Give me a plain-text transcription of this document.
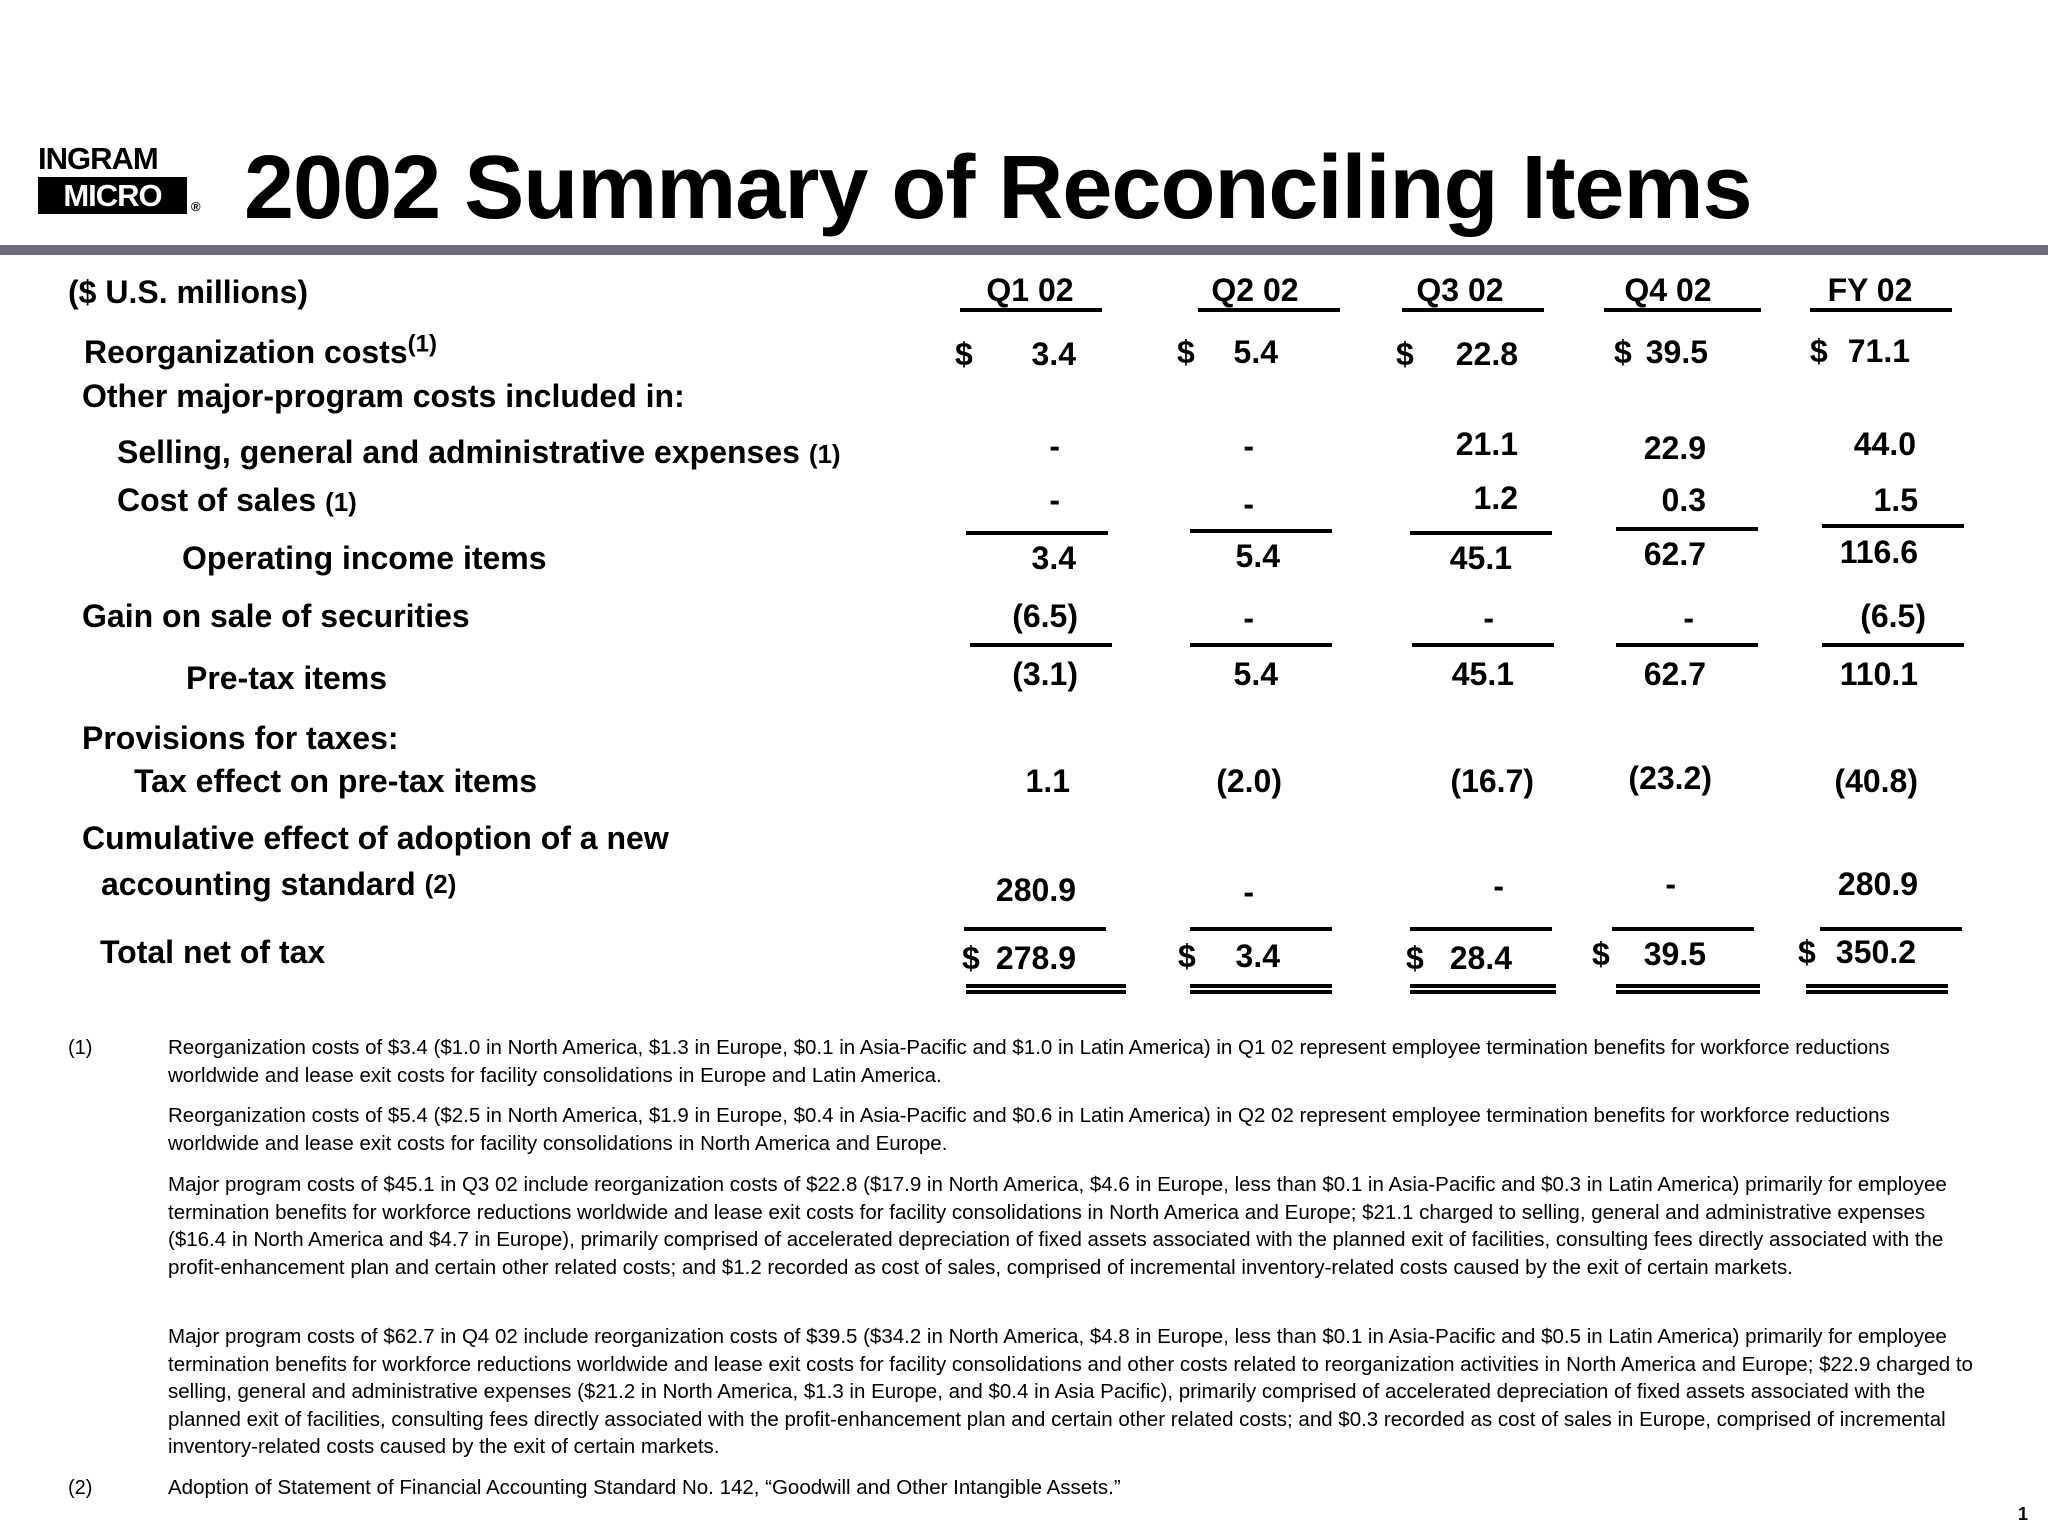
INGRAM
MICRO	® 2002 Summary of Reconciling Items
($ U.S. millions)	Q1 02	Q2 02	Q3 02	Q4 02	FY 02
Reorganization costs$^{(1)}$	$	3.4	$	5.4	$	22.8	$ 39.5	$ 71.1
Other major-program costs included in:
Selling, general and administrative expenses (1)	-	-	21.1	22.9	44.0
Cost of sales (1)	-	-	1.2	0.3	1.5
Operating income items	3.4	5.4	45.1	62.7	116.6
Gain on sale of securities	(6.5)	-	-	-	(6.5)
Pre-tax items	(3.1)	5.4	45.1	62.7	110.1
Provisions for taxes:
Tax effect on pre-tax items	1.1	(2.0)	(16.7)	(23.2)	(40.8)
Cumulative effect of adoption of a new
accounting standard $^{(2)}$	280.9	-	-	-	280.9
Total net of tax	$ 278.9	$	3.4	$ 28.4	$	39.5	$ 350.2
(1)	Reorganization costs of $3.4 ($1.0 in North America, $1.3 in Europe, $0.1 in Asia-Pacific and $1.0 in Latin America) in Q1 02 represent employee termination benefits for workforce reductions worldwide and lease exit costs for facility consolidations in Europe and Latin America.
Reorganization costs of $5.4 ($2.5 in North America, $1.9 in Europe, $0.4 in Asia-Pacific and $0.6 in Latin America) in Q2 02 represent employee termination benefits for workforce reductions worldwide and lease exit costs for facility consolidations in North America and Europe.
Major program costs of $45.1 in Q3 02 include reorganization costs of $22.8 ($17.9 in North America, $4.6 in Europe, less than $0.1 in Asia-Pacific and $0.3 in Latin America) primarily for employee termination benefits for workforce reductions worldwide and lease exit costs for facility consolidations in North America and Europe; $21.1 charged to selling, general and administrative expenses ($16.4 in North America and $4.7 in Europe), primarily comprised of accelerated depreciation of fixed assets associated with the planned exit of facilities, consulting fees directly associated with the profit-enhancement plan and certain other related costs; and $1.2 recorded as cost of sales, comprised of incremental inventory-related costs caused by the exit of certain markets.
Major program costs of $62.7 in Q4 02 include reorganization costs of $39.5 ($34.2 in North America, $4.8 in Europe, less than $0.1 in Asia-Pacific and $0.5 in Latin America) primarily for employee termination benefits for workforce reductions worldwide and lease exit costs for facility consolidations and other costs related to reorganization activities in North America and Europe; $22.9 charged to selling, general and administrative expenses ($21.2 in North America, $1.3 in Europe, and $0.4 in Asia Pacific), primarily comprised of accelerated depreciation of fixed assets associated with the planned exit of facilities, consulting fees directly associated with the profit-enhancement plan and certain other related costs; and $0.3 recorded as cost of sales in Europe, comprised of incremental inventory-related costs caused by the exit of certain markets.
(2)	Adoption of Statement of Financial Accounting Standard No. 142, “Goodwill and Other Intangible Assets.”
1
